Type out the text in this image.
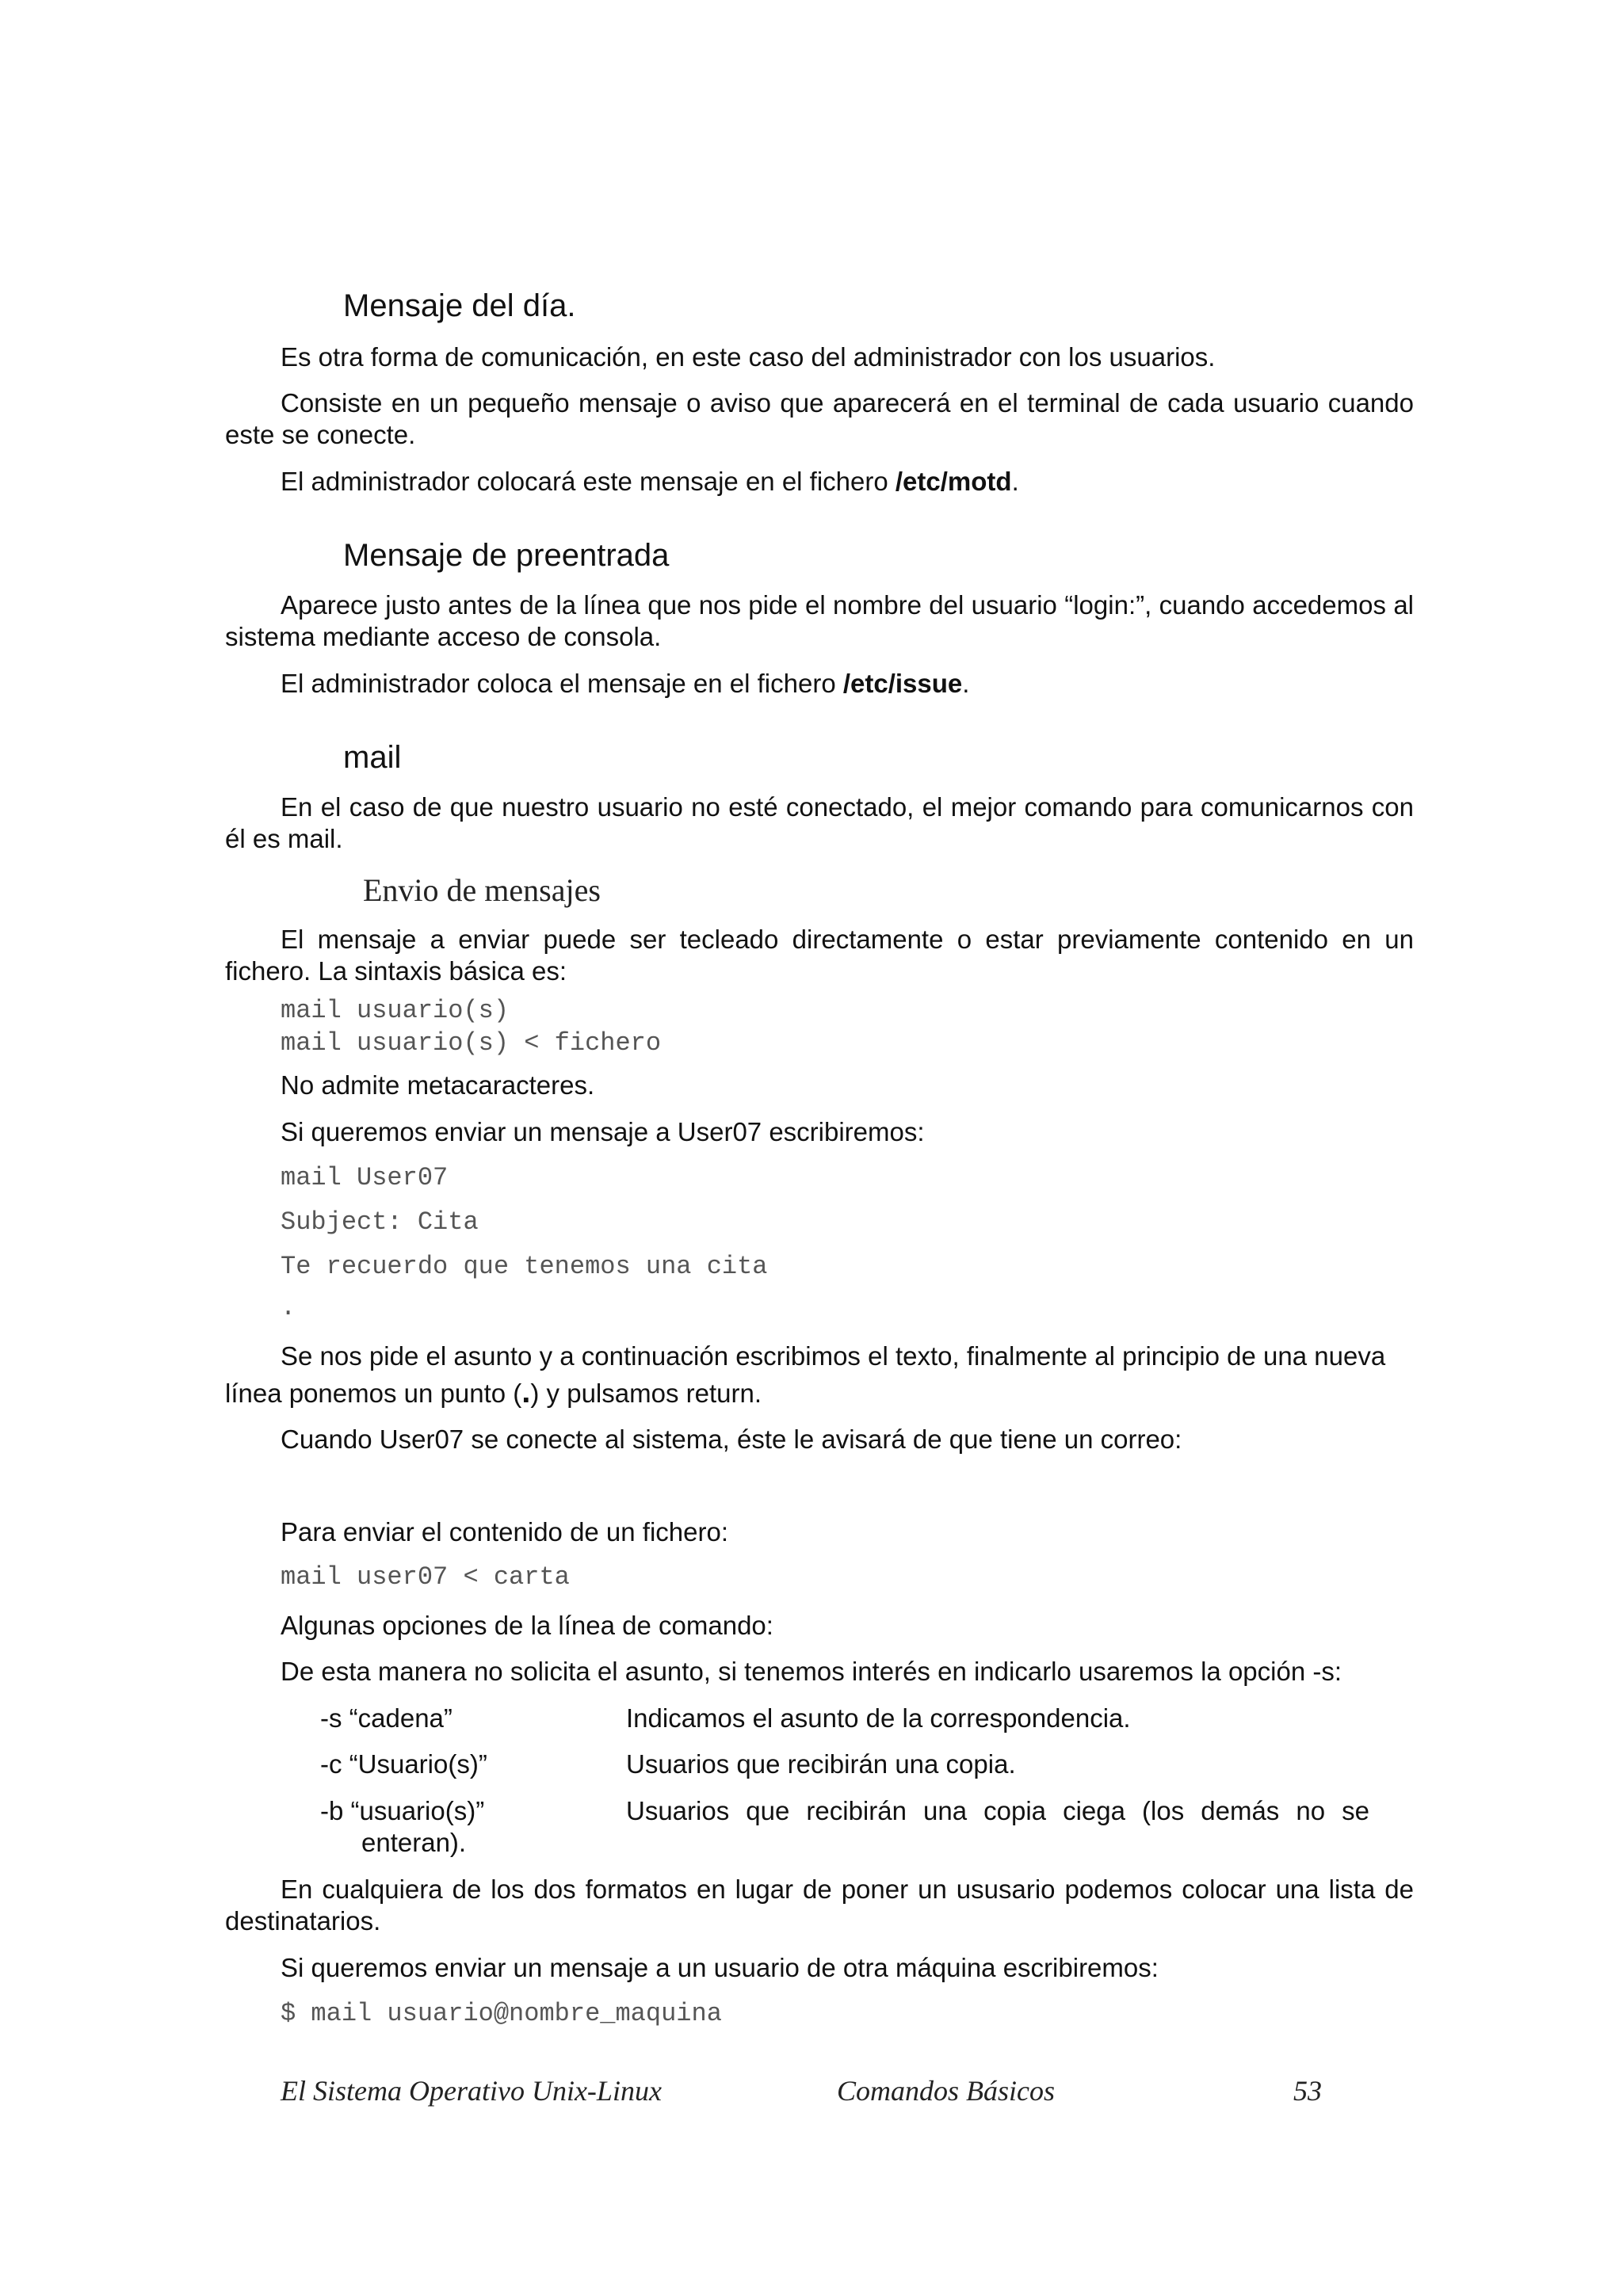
Mensaje del día.
Es otra forma de comunicación, en este caso del administrador con los usuarios.
Consiste en un pequeño mensaje o aviso que aparecerá en el terminal de cada usuario cuando este se conecte.
El administrador colocará este mensaje en el fichero /etc/motd.
Mensaje de preentrada
Aparece justo antes de la línea que nos pide el nombre del usuario “login:”, cuando accedemos al sistema mediante acceso de consola.
El administrador coloca el mensaje en el fichero /etc/issue.
mail
En el caso de que nuestro usuario no esté conectado, el mejor comando para comunicarnos con él es mail.
Envio de mensajes
El mensaje a enviar puede ser tecleado directamente o estar previamente contenido en un fichero. La sintaxis básica es:
mail usuario(s)
mail usuario(s) < fichero
No admite metacaracteres.
Si queremos enviar un mensaje a User07 escribiremos:
mail User07
Subject: Cita
Te recuerdo que tenemos una cita
.
Se nos pide el asunto y a continuación escribimos el texto, finalmente al principio de una nueva
línea ponemos un punto (.) y pulsamos return.
Cuando User07 se conecte al sistema, éste le avisará de que tiene un correo:
Para enviar el contenido de un fichero:
mail user07 < carta
Algunas opciones de la línea de comando:
De esta manera no solicita el asunto, si tenemos interés en indicarlo usaremos la opción -s:
-s “cadena”	Indicamos el asunto de la correspondencia.
-c “Usuario(s)”	Usuarios que recibirán una copia.
-b “usuario(s)”	Usuarios que recibirán una copia ciega (los demás no se
enteran).
En cualquiera de los dos formatos en lugar de poner un ususario podemos colocar una lista de destinatarios.
Si queremos enviar un mensaje a un usuario de otra máquina escribiremos:
$ mail usuario@nombre_maquina
El Sistema Operativo Unix-Linux	Comandos Básicos	53
